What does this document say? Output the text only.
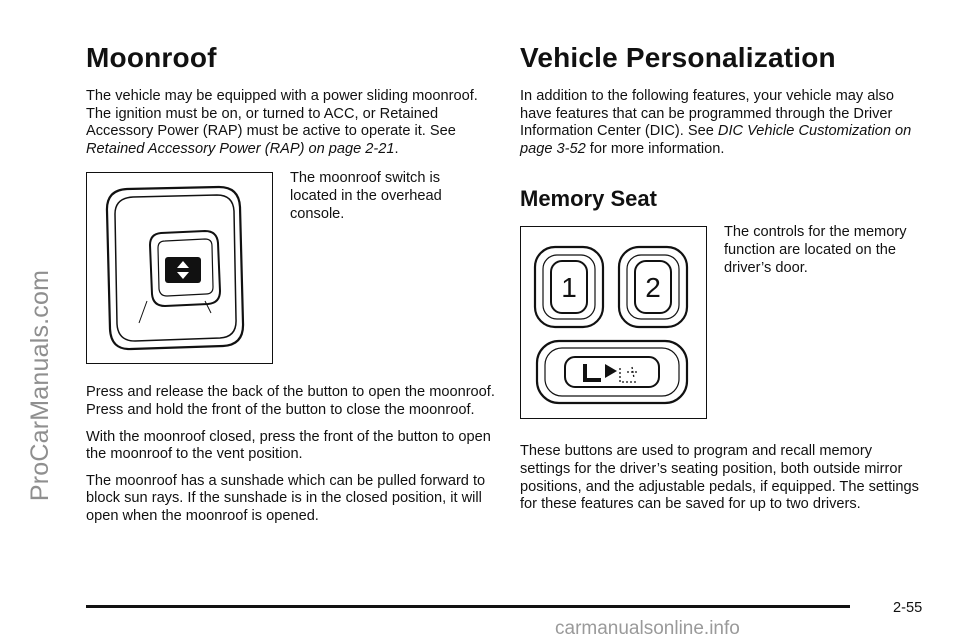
ProCarManuals.com
Moonroof

The vehicle may be equipped with a power sliding moonroof. The ignition must be on, or turned to ACC, or Retained Accessory Power (RAP) must be active to operate it. See Retained Accessory Power (RAP) on page 2-21.

The moonroof switch is located in the overhead console.

Press and release the back of the button to open the moonroof. Press and hold the front of the button to close the moonroof.

With the moonroof closed, press the front of the button to open the moonroof to the vent position.

The moonroof has a sunshade which can be pulled forward to block sun rays. If the sunshade is in the closed position, it will open when the moonroof is opened.

Vehicle Personalization

In addition to the following features, your vehicle may also have features that can be programmed through the Driver Information Center (DIC). See DIC Vehicle Customization on page 3-52 for more information.

Memory Seat
1 2
The controls for the memory function are located on the driver’s door.

These buttons are used to program and recall memory settings for the driver’s seating position, both outside mirror positions, and the adjustable pedals, if equipped. The settings for these features can be saved for up to two drivers.

2-55
carmanualsonline.info
